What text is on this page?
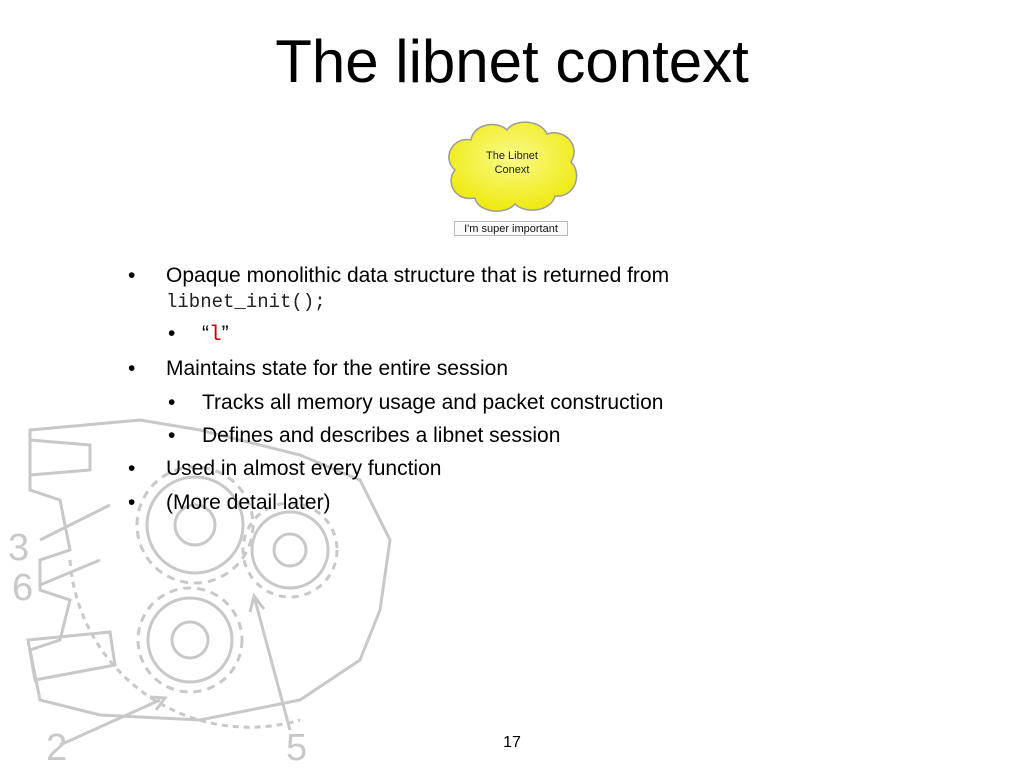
3
6
2	5
The libnet context
The Libnet
Conext
I'm super important
• Opaque monolithic data structure that is returned from
libnet_init();
• “l”
• Maintains state for the entire session
• Tracks all memory usage and packet construction
• Defines and describes a libnet session
• Used in almost every function
• (More detail later)
17
